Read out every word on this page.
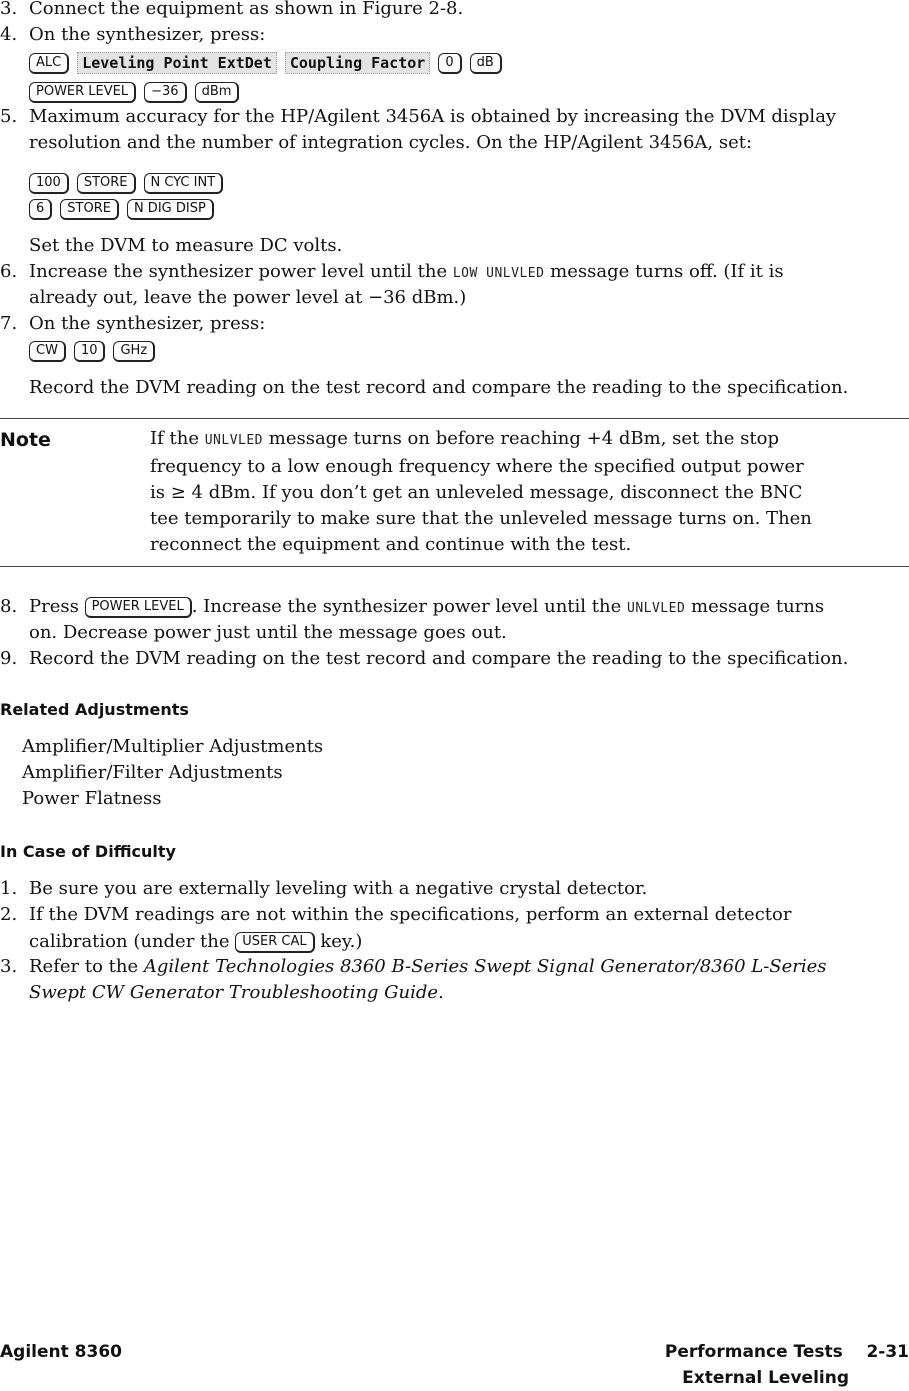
3. Connect the equipment as shown in Figure 2-8.
4. On the synthesizer, press:
ALC	Leveling Point ExtDet	Coupling Factor	0	dB
POWER LEVEL	−36	dBm
5. Maximum accuracy for the HP/Agilent 3456A is obtained by increasing the DVM display resolution and the number of integration cycles. On the HP/Agilent 3456A, set:
100	STORE	N CYC INT
6	STORE	N DIG DISP
Set the DVM to measure DC volts.
6. Increase the synthesizer power level until the LOW UNLVLED message turns off. (If it is
already out, leave the power level at −36 dBm.)
7. On the synthesizer, press:
CW	10	GHz
Record the DVM reading on the test record and compare the reading to the specification.
Note	If the UNLVLED message turns on before reaching +4 dBm, set the stop
frequency to a low enough frequency where the specified output power
is ≥ 4 dBm. If you don’t get an unleveled message, disconnect the BNC
tee temporarily to make sure that the unleveled message turns on. Then
reconnect the equipment and continue with the test.
8. Press POWER LEVEL . Increase the synthesizer power level until the UNLVLED message turns
on. Decrease power just until the message goes out.
9. Record the DVM reading on the test record and compare the reading to the specification.
Related Adjustments
Amplifier/Multiplier Adjustments
Amplifier/Filter Adjustments
Power Flatness
In Case of Difficulty
1. Be sure you are externally leveling with a negative crystal detector.
2. If the DVM readings are not within the specifications, perform an external detector
calibration (under the USER CAL key.)
3. Refer to the Agilent Technologies 8360 B-Series Swept Signal Generator/8360 L-Series
Swept CW Generator Troubleshooting Guide.
Agilent 8360	Performance Tests    2-31
External Leveling
